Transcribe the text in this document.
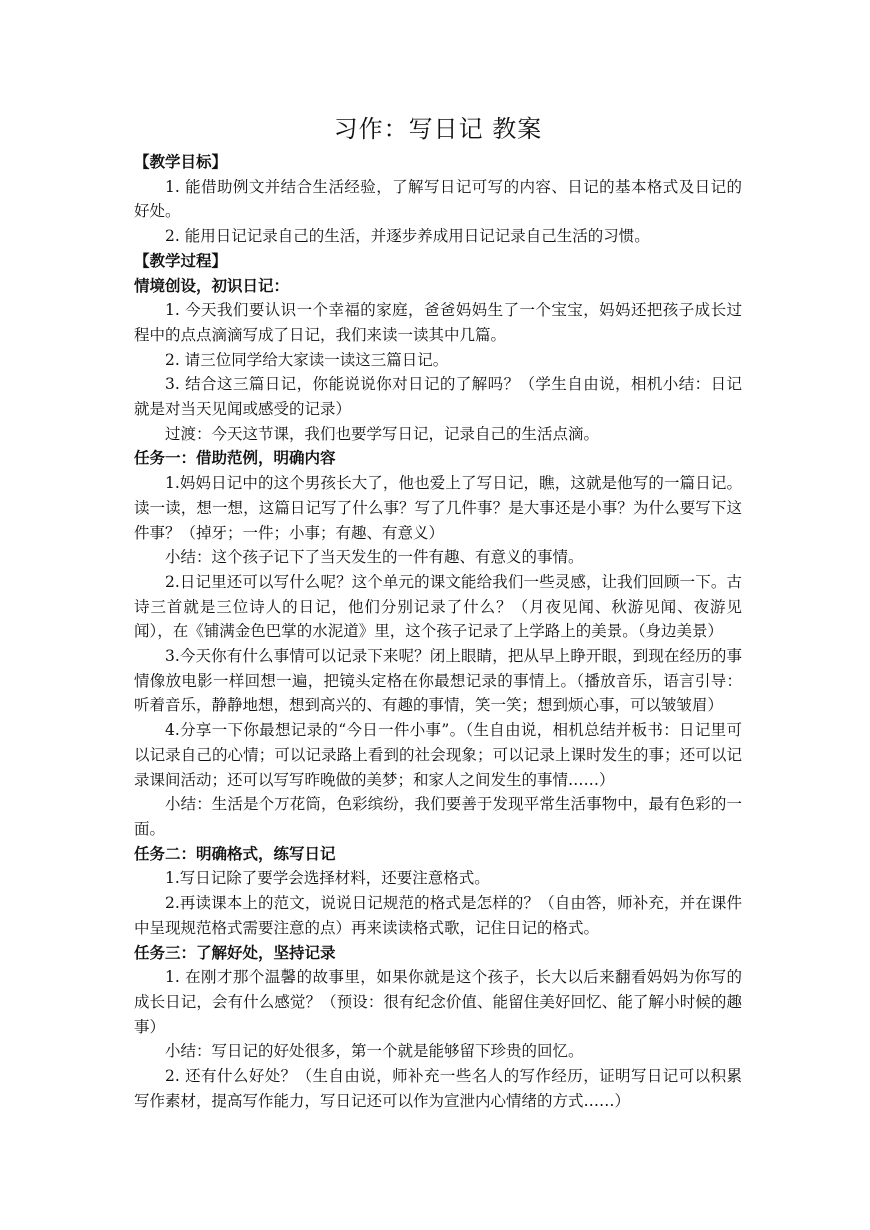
习作：写日记 教案

【教学目标】

1. 能借助例文并结合生活经验，了解写日记可写的内容、日记的基本格式及日记的好处。

2. 能用日记记录自己的生活，并逐步养成用日记记录自己生活的习惯。

【教学过程】

情境创设，初识日记：

1. 今天我们要认识一个幸福的家庭，爸爸妈妈生了一个宝宝，妈妈还把孩子成长过程中的点点滴滴写成了日记，我们来读一读其中几篇。

2. 请三位同学给大家读一读这三篇日记。

3. 结合这三篇日记，你能说说你对日记的了解吗？（学生自由说，相机小结：日记就是对当天见闻或感受的记录）

过渡：今天这节课，我们也要学写日记，记录自己的生活点滴。

任务一：借助范例，明确内容

1.妈妈日记中的这个男孩长大了，他也爱上了写日记，瞧，这就是他写的一篇日记。读一读，想一想，这篇日记写了什么事？写了几件事？是大事还是小事？为什么要写下这件事？（掉牙；一件；小事；有趣、有意义）

小结：这个孩子记下了当天发生的一件有趣、有意义的事情。

2.日记里还可以写什么呢？这个单元的课文能给我们一些灵感，让我们回顾一下。古诗三首就是三位诗人的日记，他们分别记录了什么？（月夜见闻、秋游见闻、夜游见闻），在《铺满金色巴掌的水泥道》里，这个孩子记录了上学路上的美景。（身边美景）

3.今天你有什么事情可以记录下来呢？闭上眼睛，把从早上睁开眼，到现在经历的事情像放电影一样回想一遍，把镜头定格在你最想记录的事情上。（播放音乐，语言引导：听着音乐，静静地想，想到高兴的、有趣的事情，笑一笑；想到烦心事，可以皱皱眉）

4.分享一下你最想记录的“今日一件小事”。（生自由说，相机总结并板书：日记里可以记录自己的心情；可以记录路上看到的社会现象；可以记录上课时发生的事；还可以记录课间活动；还可以写写昨晚做的美梦；和家人之间发生的事情……）

小结：生活是个万花筒，色彩缤纷，我们要善于发现平常生活事物中，最有色彩的一面。

任务二：明确格式，练写日记

1.写日记除了要学会选择材料，还要注意格式。

2.再读课本上的范文，说说日记规范的格式是怎样的？（自由答，师补充，并在课件中呈现规范格式需要注意的点）再来读读格式歌，记住日记的格式。

任务三：了解好处，坚持记录

1. 在刚才那个温馨的故事里，如果你就是这个孩子，长大以后来翻看妈妈为你写的成长日记，会有什么感觉？（预设：很有纪念价值、能留住美好回忆、能了解小时候的趣事）

小结：写日记的好处很多，第一个就是能够留下珍贵的回忆。

2. 还有什么好处？（生自由说，师补充一些名人的写作经历，证明写日记可以积累写作素材，提高写作能力，写日记还可以作为宣泄内心情绪的方式……）
